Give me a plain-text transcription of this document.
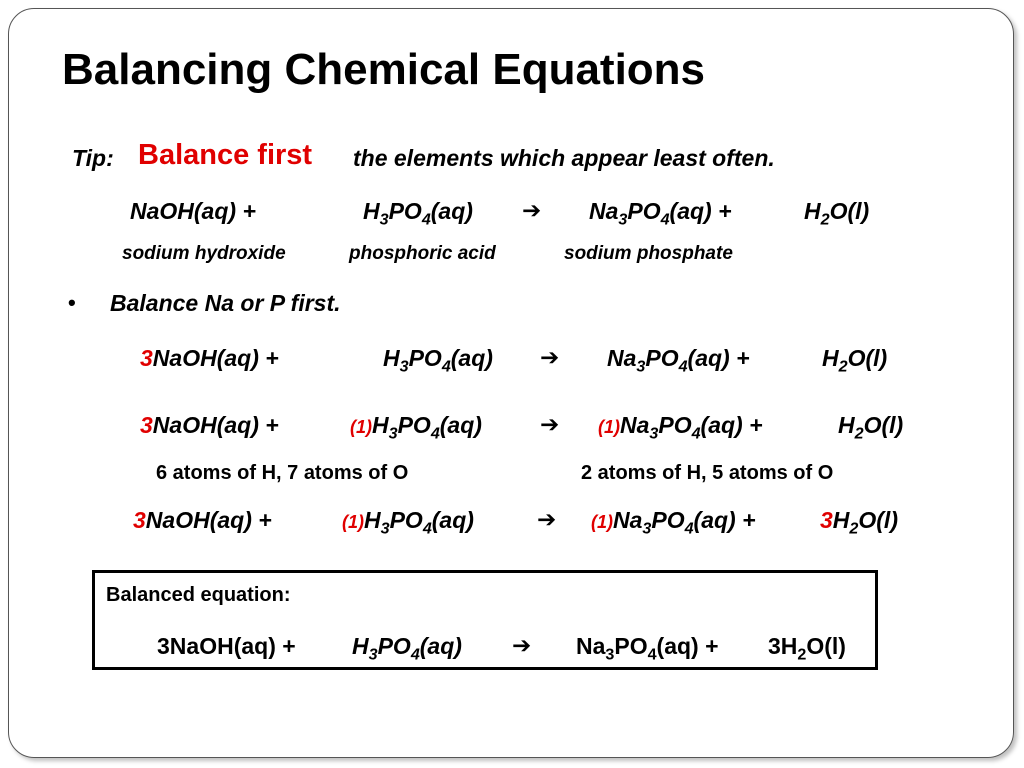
Balancing Chemical Equations
Tip: Balance first the elements which appear least often.
NaOH(aq) +	$H_3PO_4(aq)$ ➔ $Na_3PO_4(aq)$ +	$H_2O(l)$
sodium hydroxide	phosphoric acid	sodium phosphate
• Balance Na or P first.
3NaOH(aq) +	$H_3PO_4(aq)$ ➔ $Na_3PO_4(aq)$ +	$H_2O(l)$
3NaOH(aq) +	$(1)H_3PO_4(aq)$	➔ $(1)Na_3PO_4(aq)$ +	$H_2O(l)$
6 atoms of H, 7 atoms of O	2 atoms of H, 5 atoms of O
3NaOH(aq) +	$(1)H_3PO_4(aq)$	➔ $(1)Na_3PO_4(aq)$ +	$3H_2O(l)$
Balanced equation:
3NaOH(aq) + $H_3PO_4(aq)$ ➔ $Na_3PO_4(aq) + 3H_2O(l)$
